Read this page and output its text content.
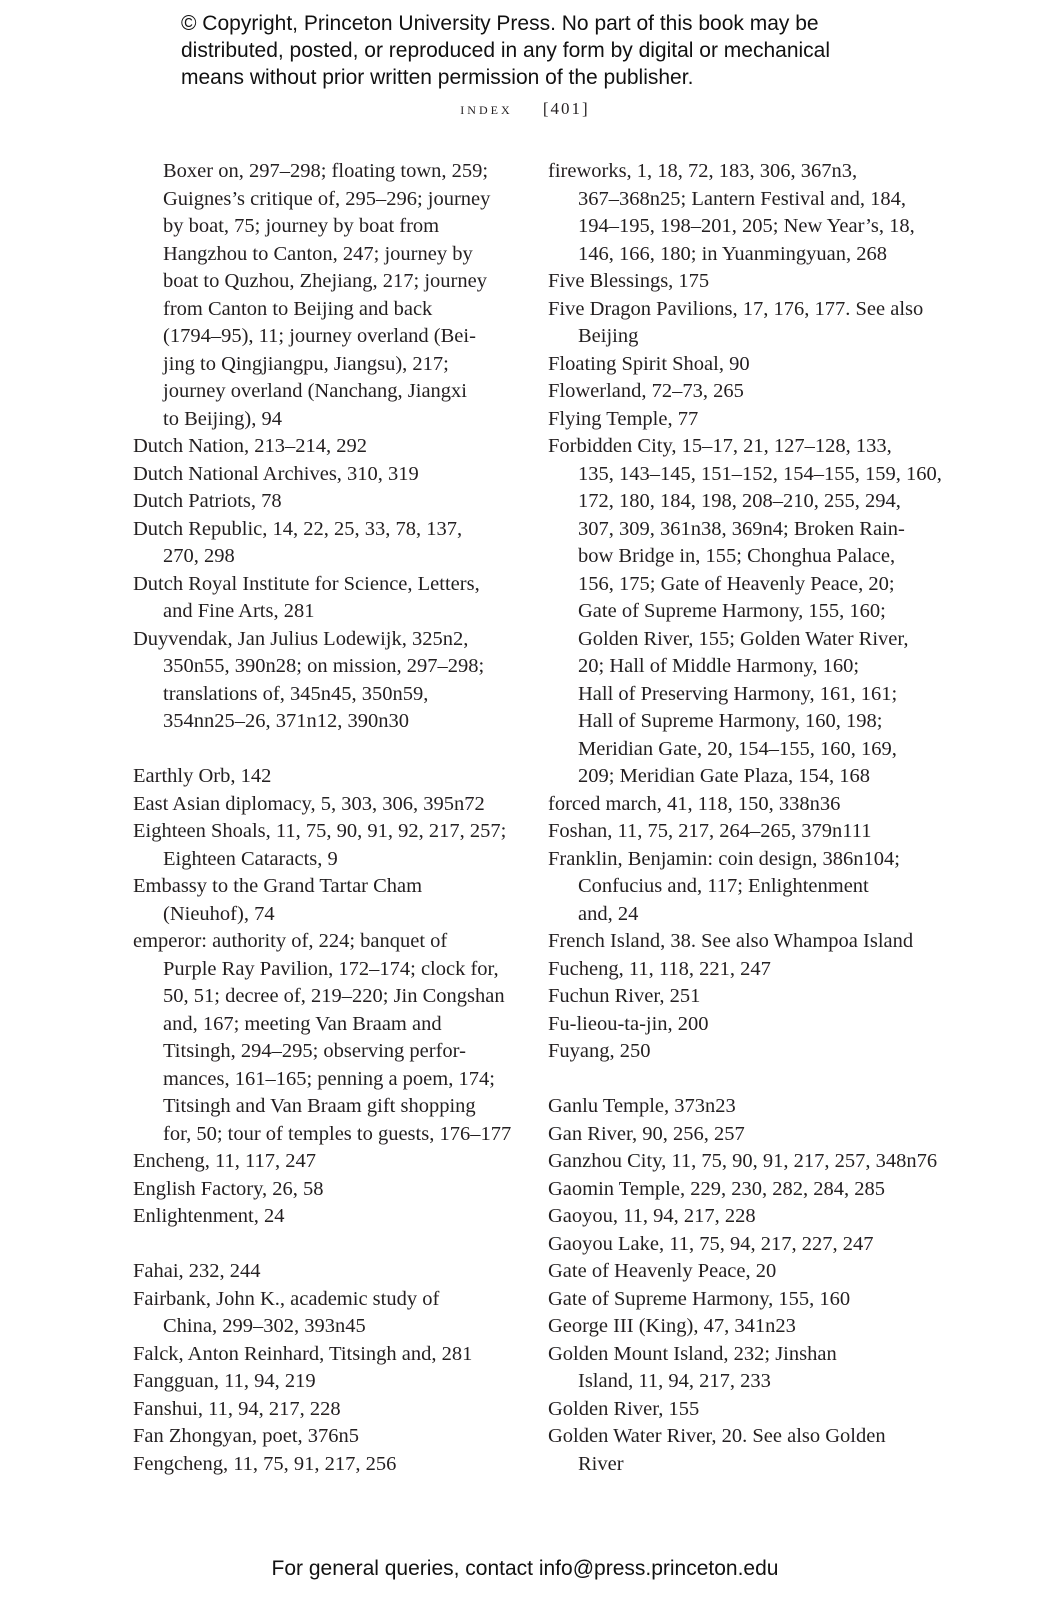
© Copyright, Princeton University Press. No part of this book may be
distributed, posted, or reproduced in any form by digital or mechanical
means without prior written permission of the publisher.
index [401]
Boxer on, 297–298; floating town, 259;
Guignes’s critique of, 295–296; journey
by boat, 75; journey by boat from
Hangzhou to Canton, 247; journey by
boat to Quzhou, Zhejiang, 217; journey
from Canton to Beijing and back
(1794–95), 11; journey overland (Bei-
jing to Qingjiangpu, Jiangsu), 217;
journey overland (Nanchang, Jiangxi
to Beijing), 94
Dutch Nation, 213–214, 292
Dutch National Archives, 310, 319
Dutch Patriots, 78
Dutch Republic, 14, 22, 25, 33, 78, 137,
270, 298
Dutch Royal Institute for Science, Letters,
and Fine Arts, 281
Duyvendak, Jan Julius Lodewijk, 325n2,
350n55, 390n28; on mission, 297–298;
translations of, 345n45, 350n59,
354nn25–26, 371n12, 390n30
Earthly Orb, 142
East Asian diplomacy, 5, 303, 306, 395n72
Eighteen Shoals, 11, 75, 90, 91, 92, 217, 257;
Eighteen Cataracts, 9
Embassy to the Grand Tartar Cham
(Nieuhof), 74
emperor: authority of, 224; banquet of
Purple Ray Pavilion, 172–174; clock for,
50, 51; decree of, 219–220; Jin Congshan
and, 167; meeting Van Braam and
Titsingh, 294–295; observing perfor-
mances, 161–165; penning a poem, 174;
Titsingh and Van Braam gift shopping
for, 50; tour of temples to guests, 176–177
Encheng, 11, 117, 247
English Factory, 26, 58
Enlightenment, 24
Fahai, 232, 244
Fairbank, John K., academic study of
China, 299–302, 393n45
Falck, Anton Reinhard, Titsingh and, 281
Fangguan, 11, 94, 219
Fanshui, 11, 94, 217, 228
Fan Zhongyan, poet, 376n5
Fengcheng, 11, 75, 91, 217, 256
fireworks, 1, 18, 72, 183, 306, 367n3,
367–368n25; Lantern Festival and, 184,
194–195, 198–201, 205; New Year’s, 18,
146, 166, 180; in Yuanmingyuan, 268
Five Blessings, 175
Five Dragon Pavilions, 17, 176, 177. See also
Beijing
Floating Spirit Shoal, 90
Flowerland, 72–73, 265
Flying Temple, 77
Forbidden City, 15–17, 21, 127–128, 133,
135, 143–145, 151–152, 154–155, 159, 160,
172, 180, 184, 198, 208–210, 255, 294,
307, 309, 361n38, 369n4; Broken Rain-
bow Bridge in, 155; Chonghua Palace,
156, 175; Gate of Heavenly Peace, 20;
Gate of Supreme Harmony, 155, 160;
Golden River, 155; Golden Water River,
20; Hall of Middle Harmony, 160;
Hall of Preserving Harmony, 161, 161;
Hall of Supreme Harmony, 160, 198;
Meridian Gate, 20, 154–155, 160, 169,
209; Meridian Gate Plaza, 154, 168
forced march, 41, 118, 150, 338n36
Foshan, 11, 75, 217, 264–265, 379n111
Franklin, Benjamin: coin design, 386n104;
Confucius and, 117; Enlightenment
and, 24
French Island, 38. See also Whampoa Island
Fucheng, 11, 118, 221, 247
Fuchun River, 251
Fu-lieou-ta-jin, 200
Fuyang, 250
Ganlu Temple, 373n23
Gan River, 90, 256, 257
Ganzhou City, 11, 75, 90, 91, 217, 257, 348n76
Gaomin Temple, 229, 230, 282, 284, 285
Gaoyou, 11, 94, 217, 228
Gaoyou Lake, 11, 75, 94, 217, 227, 247
Gate of Heavenly Peace, 20
Gate of Supreme Harmony, 155, 160
George III (King), 47, 341n23
Golden Mount Island, 232; Jinshan
Island, 11, 94, 217, 233
Golden River, 155
Golden Water River, 20. See also Golden
River
For general queries, contact info@press.princeton.edu
